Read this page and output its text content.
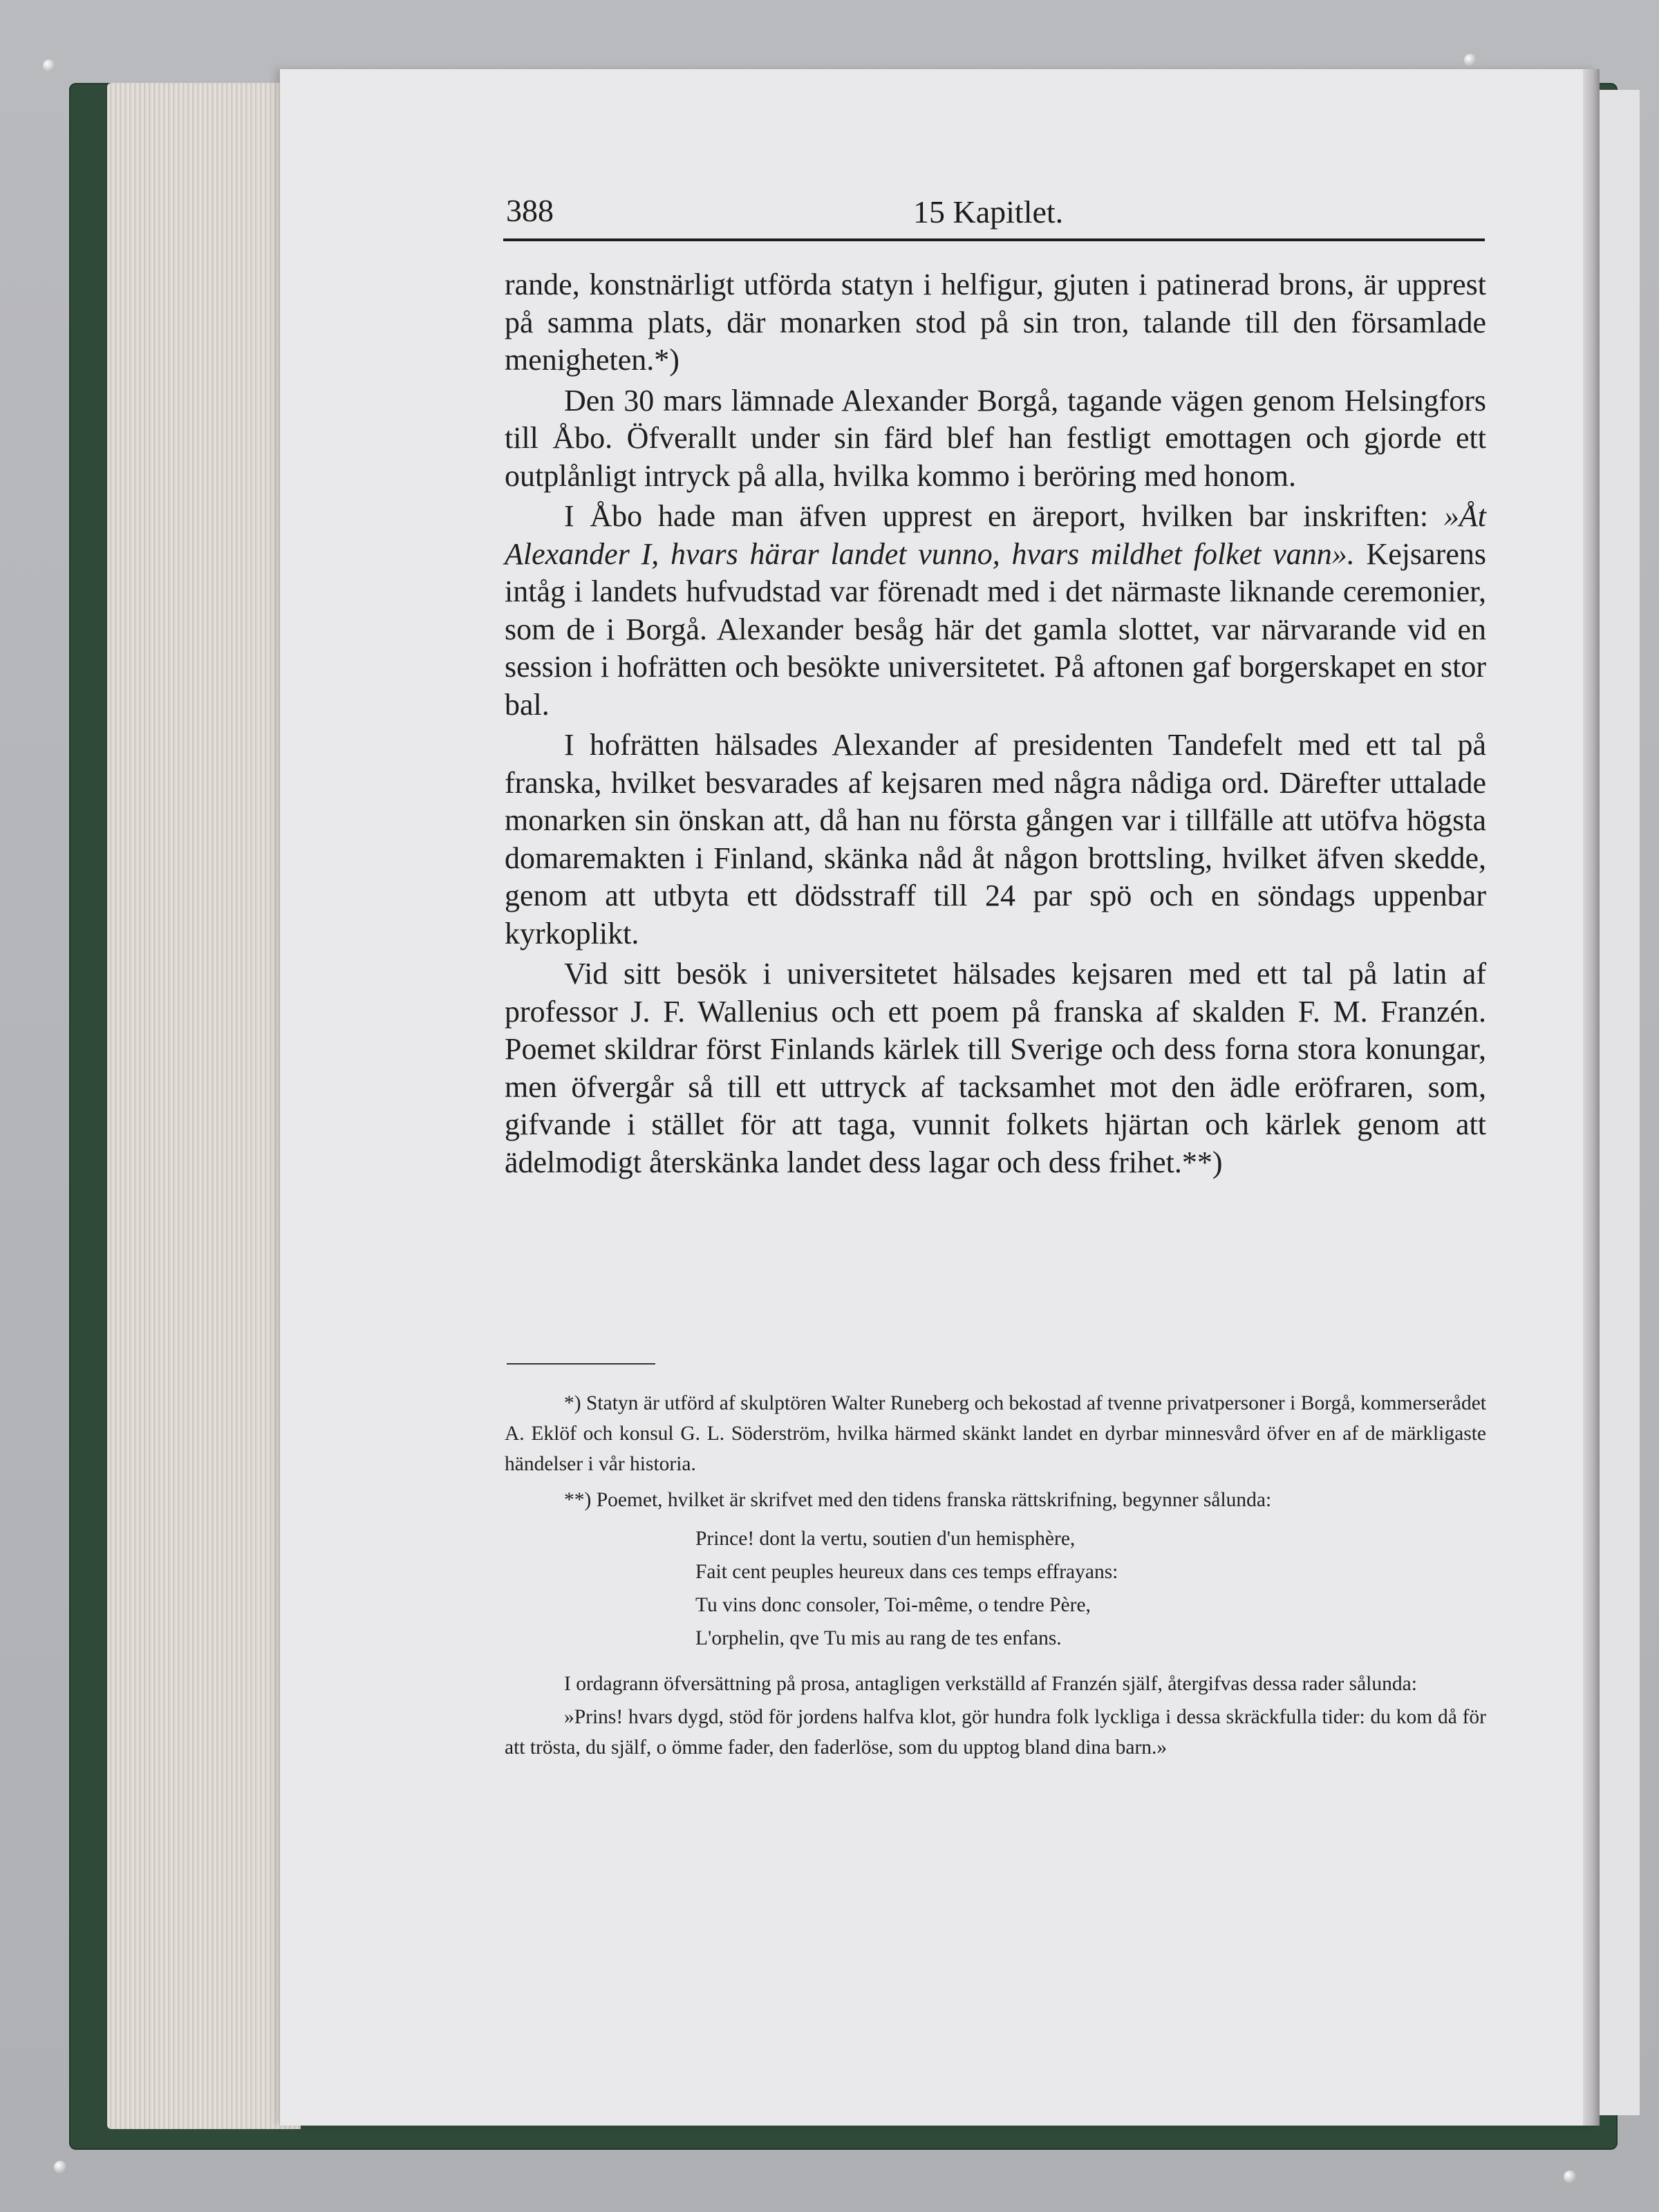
388	15 Kapitlet.

rande, konstnärligt utförda statyn i helfigur, gjuten i patinerad brons, är upprest på samma plats, där monarken stod på sin tron, talande till den församlade menigheten.*)

Den 30 mars lämnade Alexander Borgå, tagande vägen genom Helsingfors till Åbo. Öfverallt under sin färd blef han festligt emottagen och gjorde ett outplånligt intryck på alla, hvilka kommo i beröring med honom.

I Åbo hade man äfven upprest en äreport, hvilken bar inskriften: »Åt Alexander I, hvars härar landet vunno, hvars mildhet folket vann». Kejsarens intåg i landets hufvudstad var förenadt med i det närmaste liknande ceremonier, som de i Borgå. Alexander besåg här det gamla slottet, var närvarande vid en session i hofrätten och besökte universitetet. På aftonen gaf borgerskapet en stor bal.

I hofrätten hälsades Alexander af presidenten Tandefelt med ett tal på franska, hvilket besvarades af kejsaren med några nådiga ord. Därefter uttalade monarken sin önskan att, då han nu första gången var i tillfälle att utöfva högsta domaremakten i Finland, skänka nåd åt någon brottsling, hvilket äfven skedde, genom att utbyta ett dödsstraff till 24 par spö och en söndags uppenbar kyrkoplikt.

Vid sitt besök i universitetet hälsades kejsaren med ett tal på latin af professor J. F. Wallenius och ett poem på franska af skalden F. M. Franzén. Poemet skildrar först Finlands kärlek till Sverige och dess forna stora konungar, men öfvergår så till ett uttryck af tacksamhet mot den ädle eröfraren, som, gifvande i stället för att taga, vunnit folkets hjärtan och kärlek genom att ädelmodigt återskänka landet dess lagar och dess frihet.**)

*) Statyn är utförd af skulptören Walter Runeberg och bekostad af tvenne privatpersoner i Borgå, kommerserådet A. Eklöf och konsul G. L. Söderström, hvilka härmed skänkt landet en dyrbar minnesvård öfver en af de märkligaste händelser i vår historia.

**) Poemet, hvilket är skrifvet med den tidens franska rättskrifning, begynner sålunda:

Prince! dont la vertu, soutien d'un hemisphère,
Fait cent peuples heureux dans ces temps effrayans:
Tu vins donc consoler, Toi-même, o tendre Père,
L'orphelin, qve Tu mis au rang de tes enfans.

I ordagrann öfversättning på prosa, antagligen verkställd af Franzén själf, återgifvas dessa rader sålunda:

»Prins! hvars dygd, stöd för jordens halfva klot, gör hundra folk lyckliga i dessa skräckfulla tider: du kom då för att trösta, du själf, o ömme fader, den faderlöse, som du upptog bland dina barn.»
